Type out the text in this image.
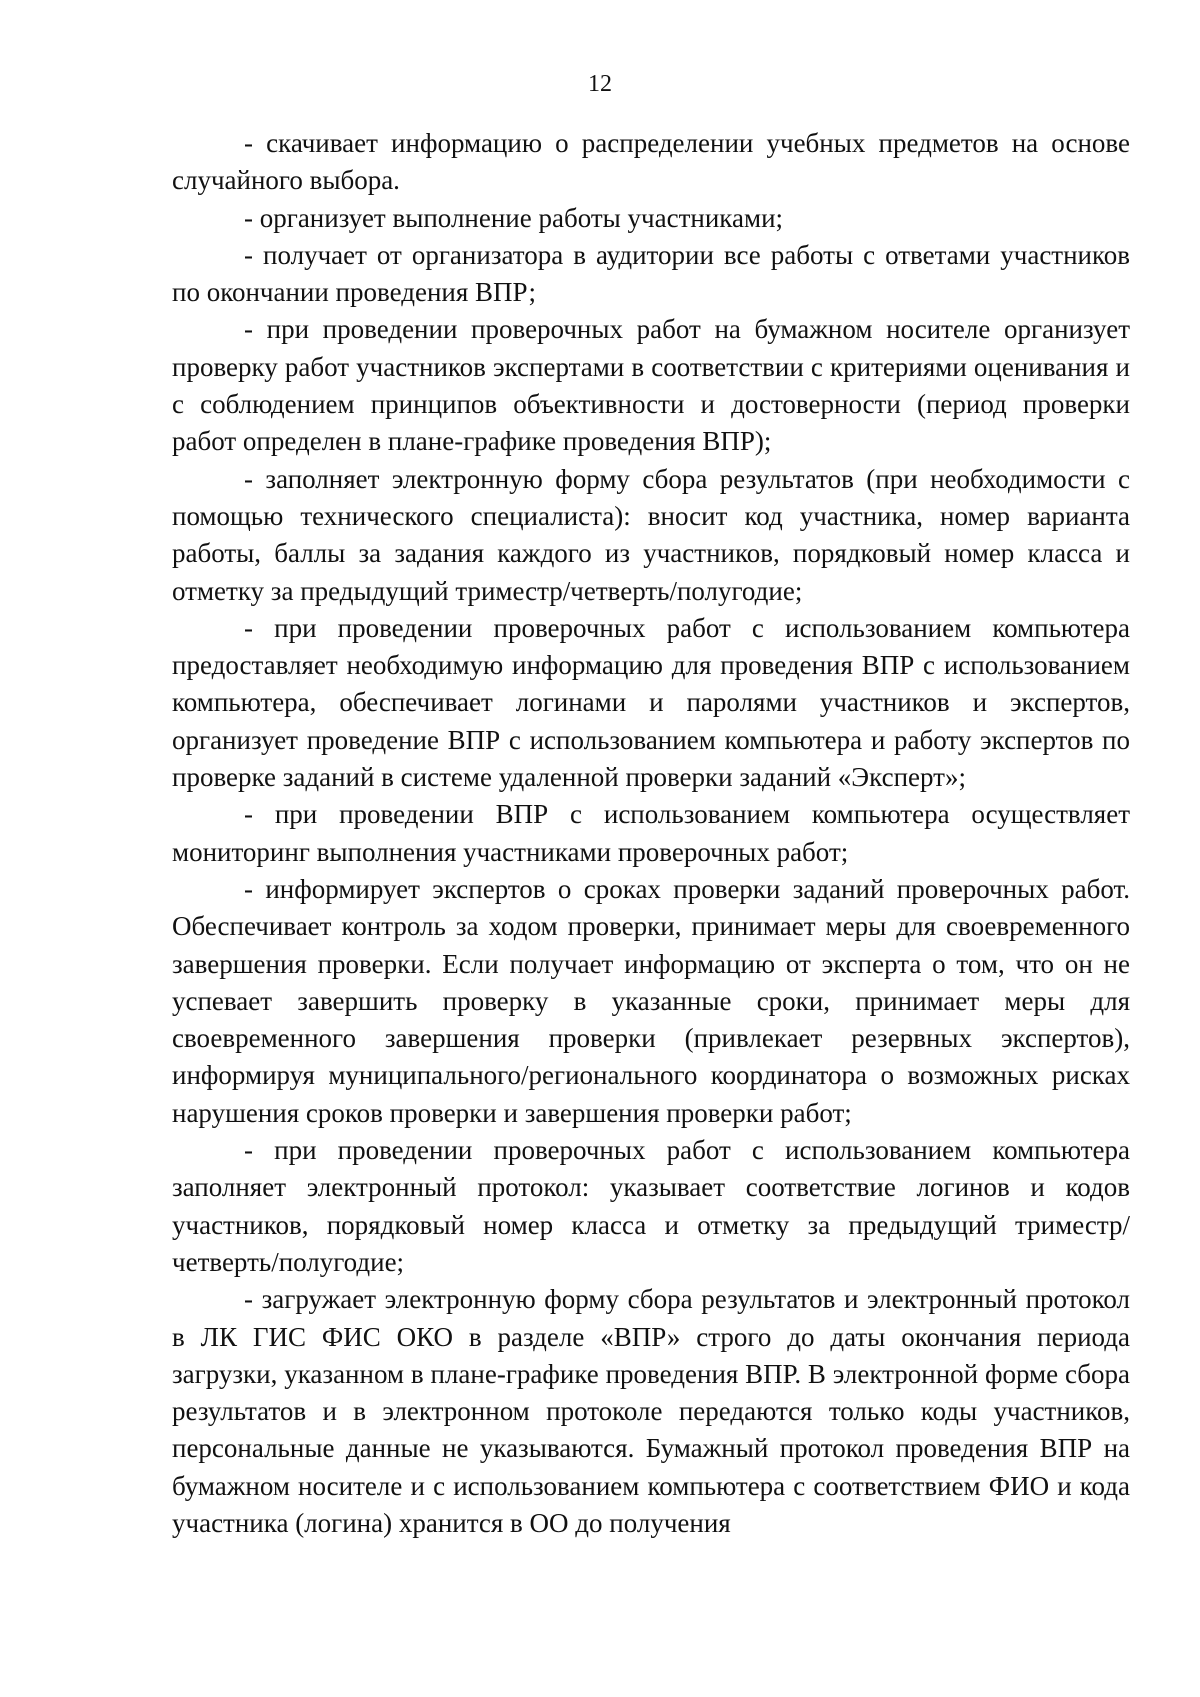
12

- скачивает информацию о распределении учебных предметов на основе случайного выбора.

- организует выполнение работы участниками;

- получает от организатора в аудитории все работы с ответами участников по окончании проведения ВПР;

- при проведении проверочных работ на бумажном носителе организует проверку работ участников экспертами в соответствии с критериями оценивания и с соблюдением принципов объективности и достоверности (период проверки работ определен в плане-графике проведения ВПР);

- заполняет электронную форму сбора результатов (при необходимости с помощью технического специалиста): вносит код участника, номер варианта работы, баллы за задания каждого из участников, порядковый номер класса и отметку за предыдущий триместр/четверть/полугодие;

- при проведении проверочных работ с использованием компьютера предоставляет необходимую информацию для проведения ВПР с использованием компьютера, обеспечивает логинами и паролями участников и экспертов, организует проведение ВПР с использованием компьютера и работу экспертов по проверке заданий в системе удаленной проверки заданий «Эксперт»;

- при проведении ВПР с использованием компьютера осуществляет мониторинг выполнения участниками проверочных работ;

- информирует экспертов о сроках проверки заданий проверочных работ. Обеспечивает контроль за ходом проверки, принимает меры для своевременного завершения проверки. Если получает информацию от эксперта о том, что он не успевает завершить проверку в указанные сроки, принимает меры для своевременного завершения проверки (привлекает резервных экспертов), информируя муниципального/регионального координатора о возможных рисках нарушения сроков проверки и завершения проверки работ;

- при проведении проверочных работ с использованием компьютера заполняет электронный протокол: указывает соответствие логинов и кодов участников, порядковый номер класса и отметку за предыдущий триместр/четверть/полугодие;

- загружает электронную форму сбора результатов и электронный протокол в ЛК ГИС ФИС ОКО в разделе «ВПР» строго до даты окончания периода загрузки, указанном в плане-графике проведения ВПР. В электронной форме сбора результатов и в электронном протоколе передаются только коды участников, персональные данные не указываются. Бумажный протокол проведения ВПР на бумажном носителе и с использованием компьютера с соответствием ФИО и кода участника (логина) хранится в ОО до получения
